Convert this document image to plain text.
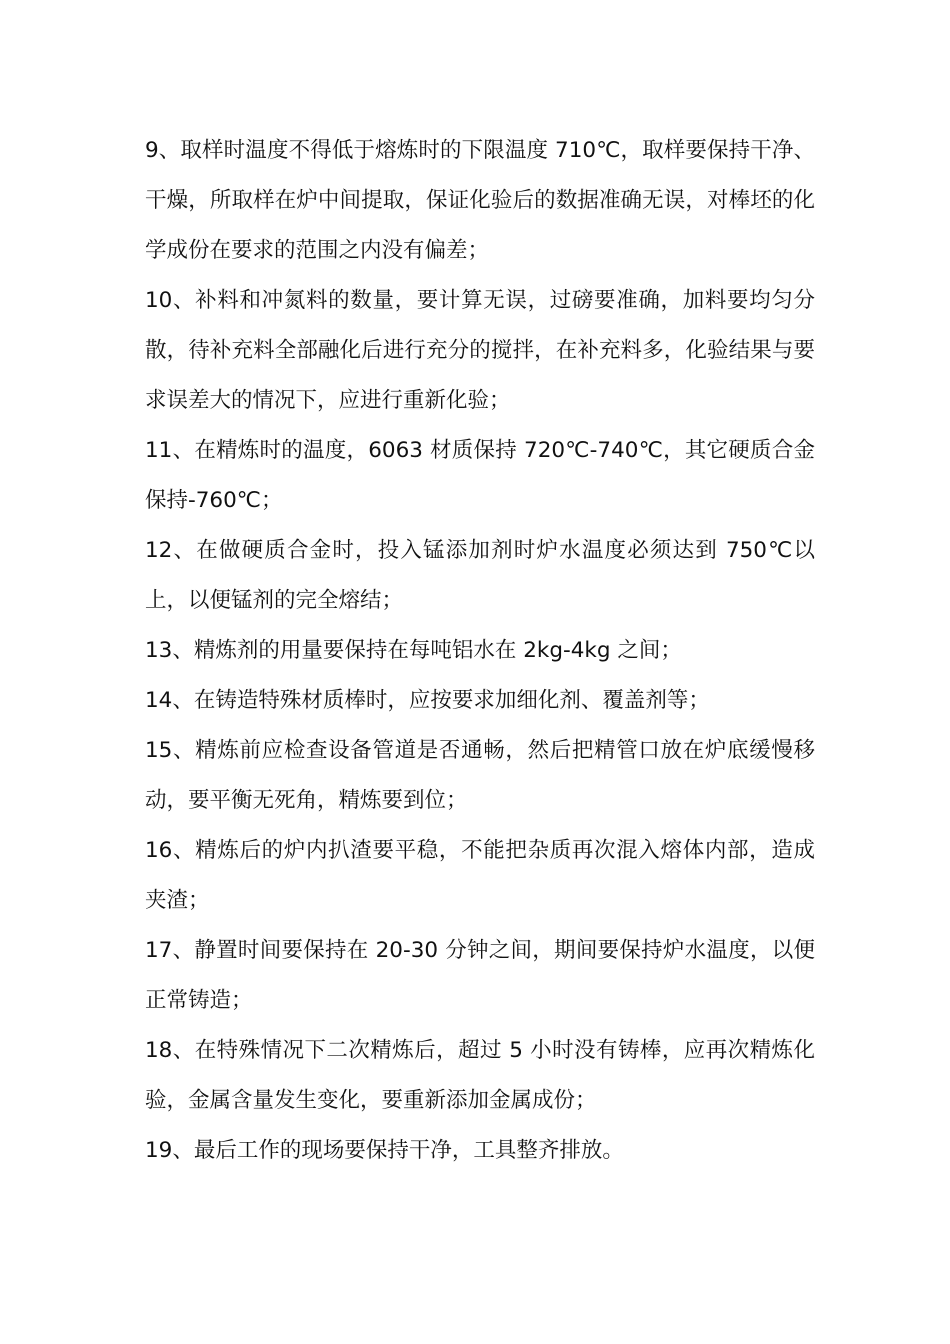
9、取样时温度不得低于熔炼时的下限温度 710℃，取样要保持干净、干燥，所取样在炉中间提取，保证化验后的数据准确无误，对棒坯的化学成份在要求的范围之内没有偏差；

10、补料和冲氮料的数量，要计算无误，过磅要准确，加料要均匀分散，待补充料全部融化后进行充分的搅拌，在补充料多，化验结果与要求误差大的情况下，应进行重新化验；

11、在精炼时的温度，6063 材质保持 720℃-740℃，其它硬质合金保持-760℃；

12、在做硬质合金时，投入锰添加剂时炉水温度必须达到 750℃以上，以便锰剂的完全熔结；

13、精炼剂的用量要保持在每吨铝水在 2kg-4kg 之间；

14、在铸造特殊材质棒时，应按要求加细化剂、覆盖剂等；

15、精炼前应检查设备管道是否通畅，然后把精管口放在炉底缓慢移动，要平衡无死角，精炼要到位；

16、精炼后的炉内扒渣要平稳，不能把杂质再次混入熔体内部，造成夹渣；

17、静置时间要保持在 20-30 分钟之间，期间要保持炉水温度，以便正常铸造；

18、在特殊情况下二次精炼后，超过 5 小时没有铸棒，应再次精炼化验，金属含量发生变化，要重新添加金属成份；

19、最后工作的现场要保持干净，工具整齐排放。
